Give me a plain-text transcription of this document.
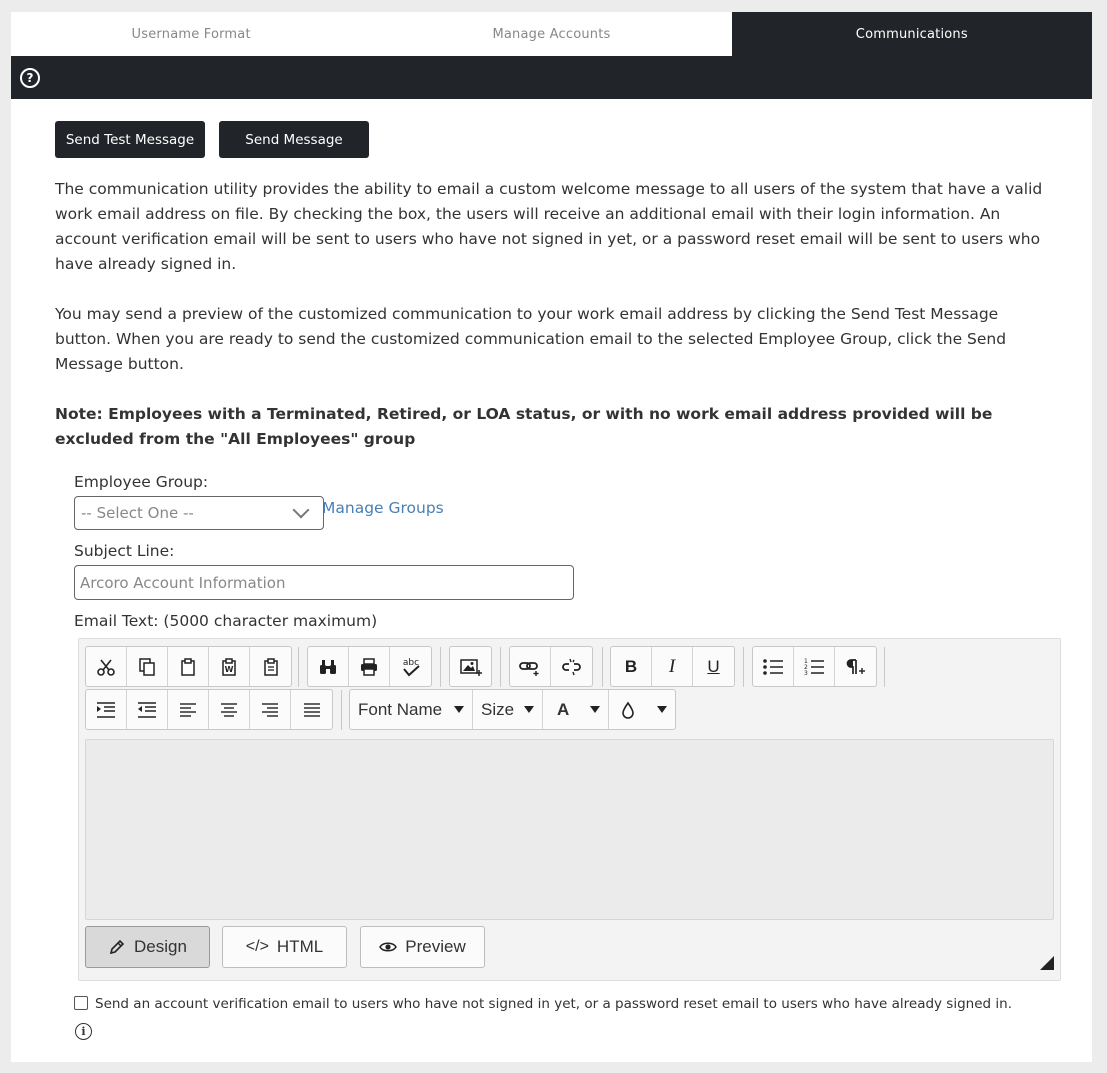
Username Format	Manage Accounts	Communications
?
Send Test Message	Send Message

The communication utility provides the ability to email a custom welcome message to all users of the system that have a valid work email address on file. By checking the box, the users will receive an additional email with their login information. An account verification email will be sent to users who have not signed in yet, or a password reset email will be sent to users who have already signed in.

You may send a preview of the customized communication to your work email address by clicking the Send Test Message button. When you are ready to send the customized communication email to the selected Employee Group, click the Send Message button.

Note: Employees with a Terminated, Retired, or LOA status, or with no work email address provided will be excluded from the "All Employees" group

Employee Group:
-- Select One --	Manage Groups
Subject Line:
Arcoro Account Information
Email Text: (5000 character maximum)
W
abc	B	I	U	1
2
3
Font Name Size	A
Design	</> HTML	Preview
Send an account verification email to users who have not signed in yet, or a password reset email to users who have already signed in.
i
